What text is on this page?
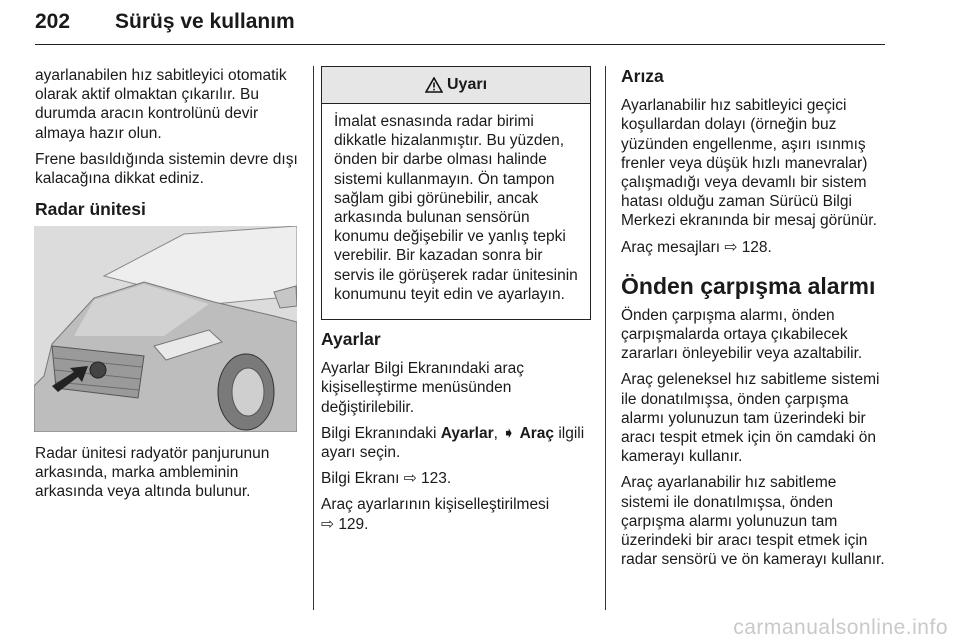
202 Sürüş ve kullanım

ayarlanabilen hız sabitleyici otomatik olarak aktif olmaktan çıkarılır. Bu durumda aracın kontrolünü devir almaya hazır olun.

Frene basıldığında sistemin devre dışı kalacağına dikkat ediniz.

Radar ünitesi

Radar ünitesi radyatör panjurunun arkasında, marka ambleminin arkasında veya altında bulunur.

Uyarı
İmalat esnasında radar birimi dikkatle hizalanmıştır. Bu yüzden, önden bir darbe olması halinde sistemi kullanmayın. Ön tampon sağlam gibi görünebilir, ancak arkasında bulunan sensörün konumu değişebilir ve yanlış tepki verebilir. Bir kazadan sonra bir servis ile görüşerek radar ünitesinin konumunu teyit edin ve ayarlayın.
Ayarlar

Ayarlar Bilgi Ekranındaki araç kişiselleştirme menüsünden değiştirilebilir.

Bilgi Ekranındaki Ayarlar, ➧ Araç ilgili ayarı seçin.

Bilgi Ekranı ⇨ 123.

Araç ayarlarının kişiselleştirilmesi
⇨ 129.

Arıza

Ayarlanabilir hız sabitleyici geçici koşullardan dolayı (örneğin buz yüzünden engellenme, aşırı ısınmış frenler veya düşük hızlı manevralar) çalışmadığı veya devamlı bir sistem hatası olduğu zaman Sürücü Bilgi Merkezi ekranında bir mesaj görünür.

Araç mesajları ⇨ 128.

Önden çarpışma alarmı

Önden çarpışma alarmı, önden çarpışmalarda ortaya çıkabilecek zararları önleyebilir veya azaltabilir.

Araç geleneksel hız sabitleme sistemi ile donatılmışsa, önden çarpışma alarmı yolunuzun tam üzerindeki bir aracı tespit etmek için ön camdaki ön kamerayı kullanır.

Araç ayarlanabilir hız sabitleme sistemi ile donatılmışsa, önden çarpışma alarmı yolunuzun tam üzerindeki bir aracı tespit etmek için radar sensörü ve ön kamerayı kullanır.

carmanualsonline.info
